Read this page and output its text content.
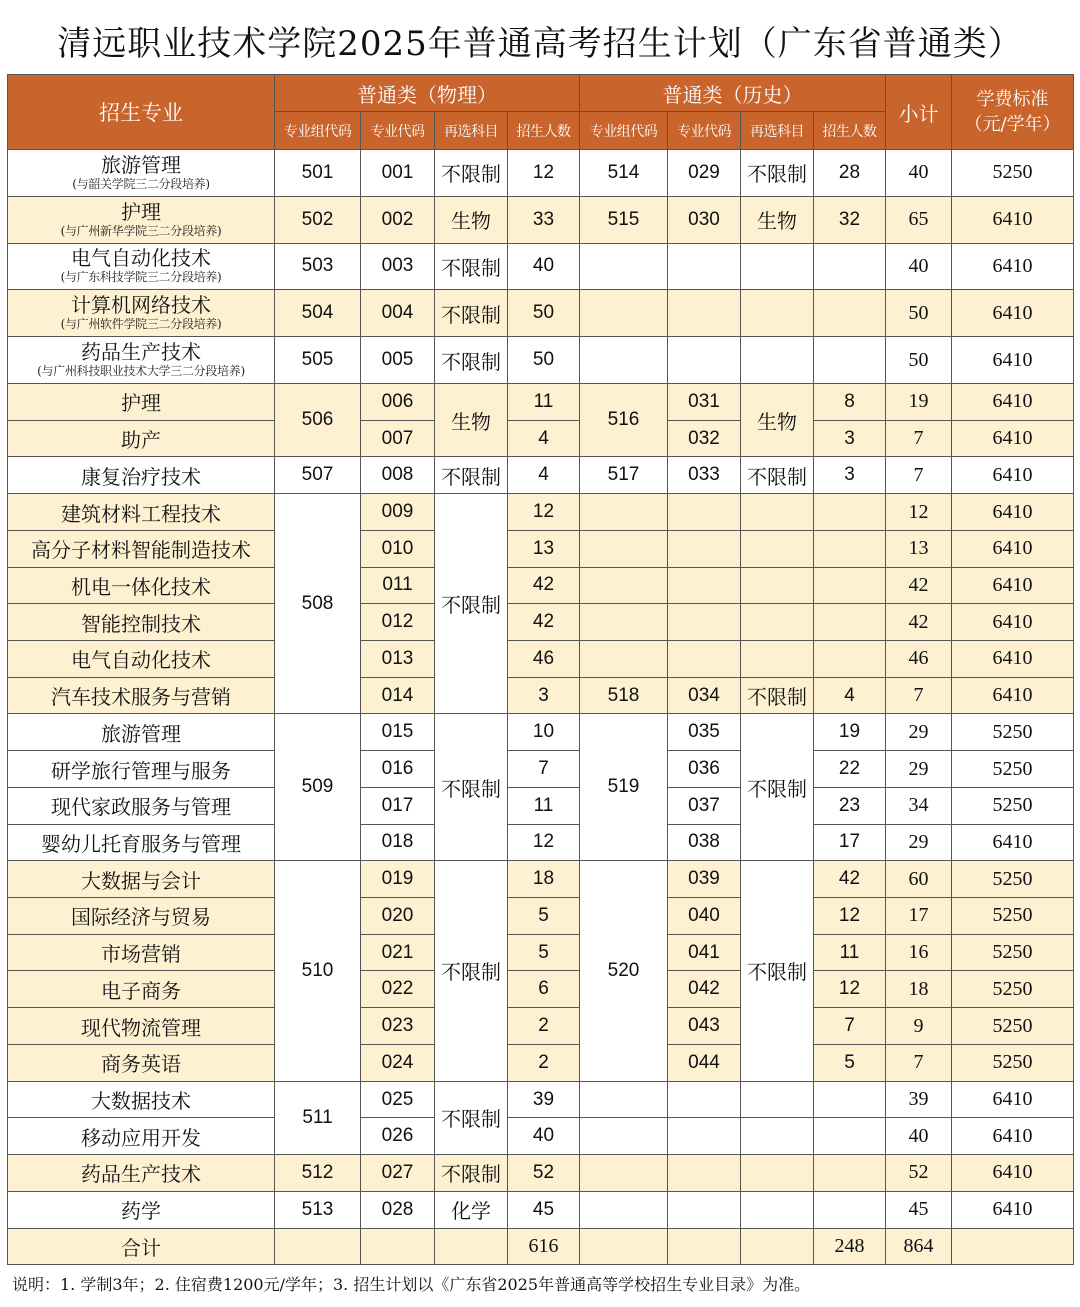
清远职业技术学院2025年普通高考招生计划（广东省普通类）
招生专业	普通类（物理）				普通类（历史）				小计	学费标准
（元/学年）
	专业组代码	专业代码	再选科目	招生人数	专业组代码	专业代码	再选科目	招生人数		

旅游管理
(与韶关学院三二分段培养)	501	001	不限制	12	514	029	不限制	28	40	5250

护理
(与广州新华学院三二分段培养)	502	002	生物	33	515	030	生物	32	65	6410

电气自动化技术
(与广东科技学院三二分段培养)	503	003	不限制	40					40	6410

计算机网络技术
(与广州软件学院三二分段培养)	504	004	不限制	50					50	6410

药品生产技术
(与广州科技职业技术大学三二分段培养)	505	005	不限制	50					50	6410
护理	506	006	生物	11	516	031	生物	8	19	6410
助产		007		4		032		3	7	6410
康复治疗技术	507	008	不限制	4	517	033	不限制	3	7	6410
建筑材料工程技术	508	009	不限制	12					12	6410
高分子材料智能制造技术		010		13					13	6410
机电一体化技术		011		42					42	6410
智能控制技术		012		42					42	6410
电气自动化技术		013		46					46	6410
汽车技术服务与营销		014		3	518	034	不限制	4	7	6410
旅游管理	509	015	不限制	10	519	035	不限制	19	29	5250
研学旅行管理与服务		016		7		036		22	29	5250
现代家政服务与管理		017		11		037		23	34	5250
婴幼儿托育服务与管理		018		12		038		17	29	6410
大数据与会计	510	019	不限制	18	520	039	不限制	42	60	5250
国际经济与贸易		020		5		040		12	17	5250
市场营销		021		5		041		11	16	5250
电子商务		022		6		042		12	18	5250
现代物流管理		023		2		043		7	9	5250
商务英语		024		2		044		5	7	5250
大数据技术	511	025	不限制	39					39	6410
移动应用开发		026		40					40	6410
药品生产技术	512	027	不限制	52					52	6410
药学	513	028	化学	45					45	6410
合计				616				248	864	
说明：1. 学制3年；2. 住宿费1200元/学年；3. 招生计划以《广东省2025年普通高等学校招生专业目录》为准。
